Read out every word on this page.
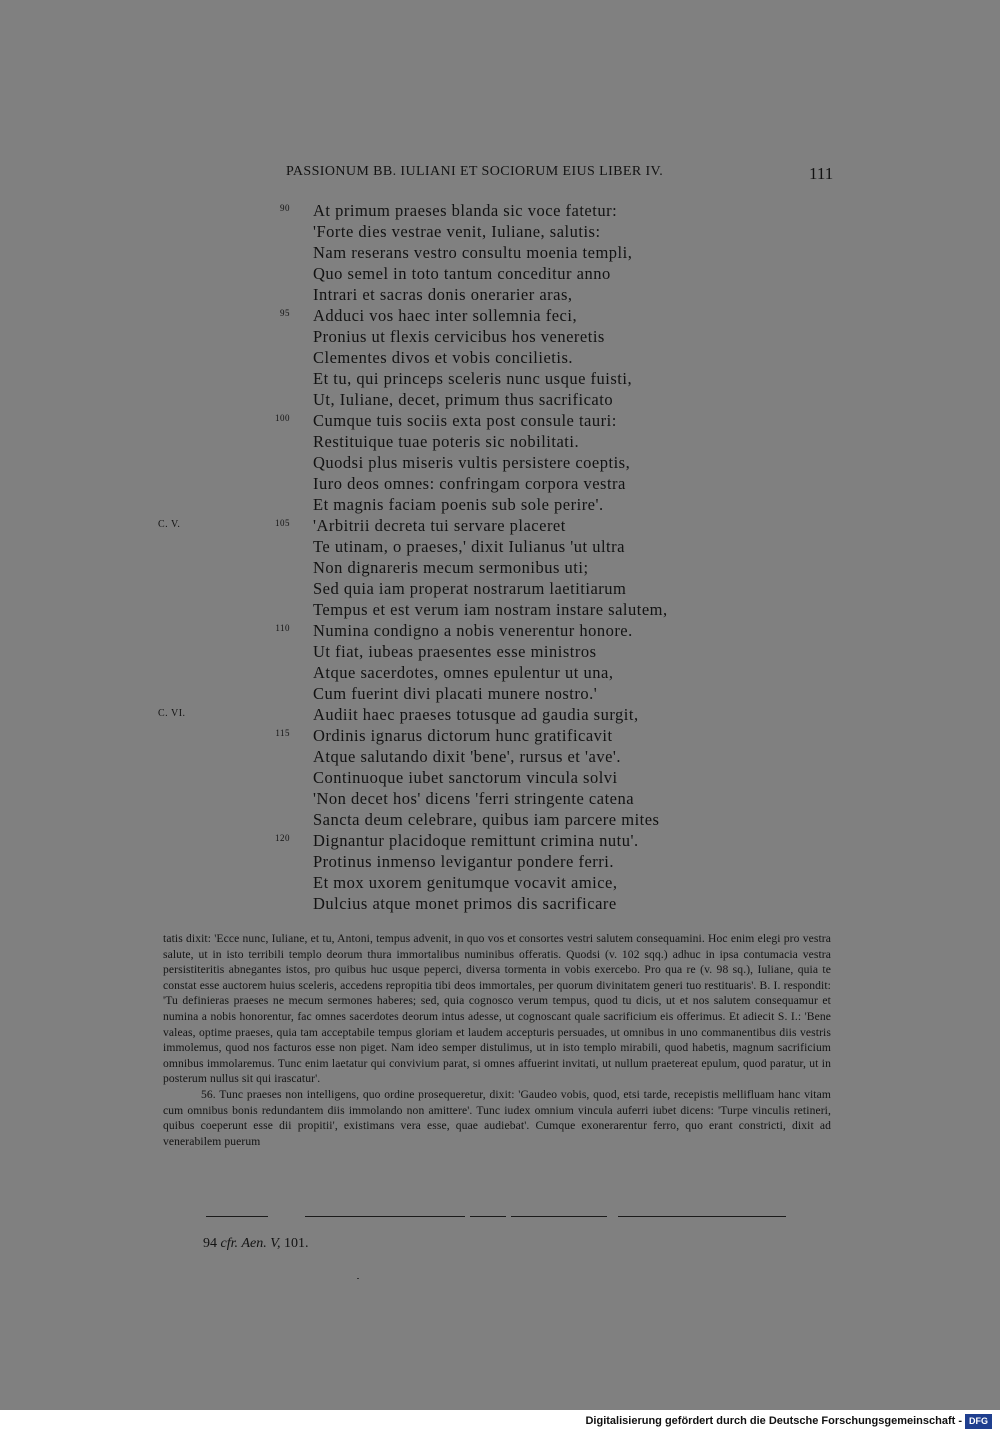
PASSIONUM BB. IULIANI ET SOCIORUM EIUS LIBER IV.	111
90 At primum praeses blanda sic voce fatetur:
'Forte dies vestrae venit, Iuliane, salutis:
Nam reserans vestro consultu moenia templi,
Quo semel in toto tantum conceditur anno
Intrari et sacras donis onerarier aras,
95 Adduci vos haec inter sollemnia feci,
Pronius ut flexis cervicibus hos veneretis
Clementes divos et vobis concilietis.
Et tu, qui princeps sceleris nunc usque fuisti,
Ut, Iuliane, decet, primum thus sacrificato
100 Cumque tuis sociis exta post consule tauri:
Restituique tuae poteris sic nobilitati.
Quodsi plus miseris vultis persistere coeptis,
Iuro deos omnes: confringam corpora vestra
Et magnis faciam poenis sub sole perire'.
C. V.	105 'Arbitrii decreta tui servare placeret
Te utinam, o praeses,' dixit Iulianus 'ut ultra
Non dignareris mecum sermonibus uti;
Sed quia iam properat nostrarum laetitiarum
Tempus et est verum iam nostram instare salutem,
110 Numina condigno a nobis venerentur honore.
Ut fiat, iubeas praesentes esse ministros
Atque sacerdotes, omnes epulentur ut una,
Cum fuerint divi placati munere nostro.'
C. VI.	Audiit haec praeses totusque ad gaudia surgit,
115 Ordinis ignarus dictorum hunc gratificavit
Atque salutando dixit 'bene', rursus et 'ave'.
Continuoque iubet sanctorum vincula solvi
'Non decet hos' dicens 'ferri stringente catena
Sancta deum celebrare, quibus iam parcere mites
120 Dignantur placidoque remittunt crimina nutu'.
Protinus inmenso levigantur pondere ferri.
Et mox uxorem genitumque vocavit amice,
Dulcius atque monet primos dis sacrificare

tatis dixit: 'Ecce nunc, Iuliane, et tu, Antoni, tempus advenit, in quo vos et consortes vestri salutem consequamini. Hoc enim elegi pro vestra salute, ut in isto terribili templo deorum thura immortalibus numinibus offeratis. Quodsi (v. 102 sqq.) adhuc in ipsa contumacia vestra persistiteritis abnegantes istos, pro quibus huc usque peperci, diversa tormenta in vobis exercebo. Pro qua re (v. 98 sq.), Iuliane, quia te constat esse auctorem huius sceleris, accedens repropitia tibi deos immortales, per quorum divinitatem generi tuo restituaris'. B. I. respondit: 'Tu definieras praeses ne mecum sermones haberes; sed, quia cognosco verum tempus, quod tu dicis, ut et nos salutem consequamur et numina a nobis honorentur, fac omnes sacerdotes deorum intus adesse, ut cognoscant quale sacrificium eis offerimus. Et adiecit S. I.: 'Bene valeas, optime praeses, quia tam acceptabile tempus gloriam et laudem accepturis persuades, ut omnibus in uno commanentibus diis vestris immolemus, quod nos facturos esse non piget. Nam ideo semper distulimus, ut in isto templo mirabili, quod habetis, magnum sacrificium omnibus immolaremus. Tunc enim laetatur qui convivium parat, si omnes affuerint invitati, ut nullum praetereat epulum, quod paratur, ut in posterum nullus sit qui irascatur'.

56. Tunc praeses non intelligens, quo ordine prosequeretur, dixit: 'Gaudeo vobis, quod, etsi tarde, recepistis mellifluam hanc vitam cum omnibus bonis redundantem diis immolando non amittere'. Tunc iudex omnium vincula auferri iubet dicens: 'Turpe vinculis retineri, quibus coeperunt esse dii propitii', existimans vera esse, quae audiebat'. Cumque exonerarentur ferro, quo erant constricti, dixit ad venerabilem puerum

94 cfr. Aen. V, 101.
Digitalisierung gefördert durch die Deutsche Forschungsgemeinschaft - DFG
